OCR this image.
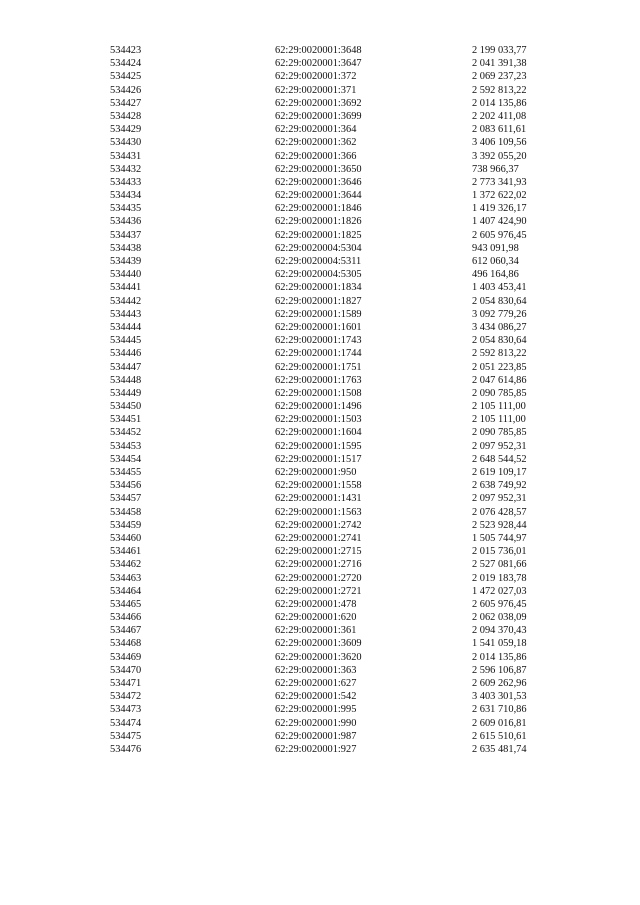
534423	62:29:0020001:3648	2 199 033,77
534424	62:29:0020001:3647	2 041 391,38
534425	62:29:0020001:372	2 069 237,23
534426	62:29:0020001:371	2 592 813,22
534427	62:29:0020001:3692	2 014 135,86
534428	62:29:0020001:3699	2 202 411,08
534429	62:29:0020001:364	2 083 611,61
534430	62:29:0020001:362	3 406 109,56
534431	62:29:0020001:366	3 392 055,20
534432	62:29:0020001:3650	738 966,37
534433	62:29:0020001:3646	2 773 341,93
534434	62:29:0020001:3644	1 372 622,02
534435	62:29:0020001:1846	1 419 326,17
534436	62:29:0020001:1826	1 407 424,90
534437	62:29:0020001:1825	2 605 976,45
534438	62:29:0020004:5304	943 091,98
534439	62:29:0020004:5311	612 060,34
534440	62:29:0020004:5305	496 164,86
534441	62:29:0020001:1834	1 403 453,41
534442	62:29:0020001:1827	2 054 830,64
534443	62:29:0020001:1589	3 092 779,26
534444	62:29:0020001:1601	3 434 086,27
534445	62:29:0020001:1743	2 054 830,64
534446	62:29:0020001:1744	2 592 813,22
534447	62:29:0020001:1751	2 051 223,85
534448	62:29:0020001:1763	2 047 614,86
534449	62:29:0020001:1508	2 090 785,85
534450	62:29:0020001:1496	2 105 111,00
534451	62:29:0020001:1503	2 105 111,00
534452	62:29:0020001:1604	2 090 785,85
534453	62:29:0020001:1595	2 097 952,31
534454	62:29:0020001:1517	2 648 544,52
534455	62:29:0020001:950	2 619 109,17
534456	62:29:0020001:1558	2 638 749,92
534457	62:29:0020001:1431	2 097 952,31
534458	62:29:0020001:1563	2 076 428,57
534459	62:29:0020001:2742	2 523 928,44
534460	62:29:0020001:2741	1 505 744,97
534461	62:29:0020001:2715	2 015 736,01
534462	62:29:0020001:2716	2 527 081,66
534463	62:29:0020001:2720	2 019 183,78
534464	62:29:0020001:2721	1 472 027,03
534465	62:29:0020001:478	2 605 976,45
534466	62:29:0020001:620	2 062 038,09
534467	62:29:0020001:361	2 094 370,43
534468	62:29:0020001:3609	1 541 059,18
534469	62:29:0020001:3620	2 014 135,86
534470	62:29:0020001:363	2 596 106,87
534471	62:29:0020001:627	2 609 262,96
534472	62:29:0020001:542	3 403 301,53
534473	62:29:0020001:995	2 631 710,86
534474	62:29:0020001:990	2 609 016,81
534475	62:29:0020001:987	2 615 510,61
534476	62:29:0020001:927	2 635 481,74
